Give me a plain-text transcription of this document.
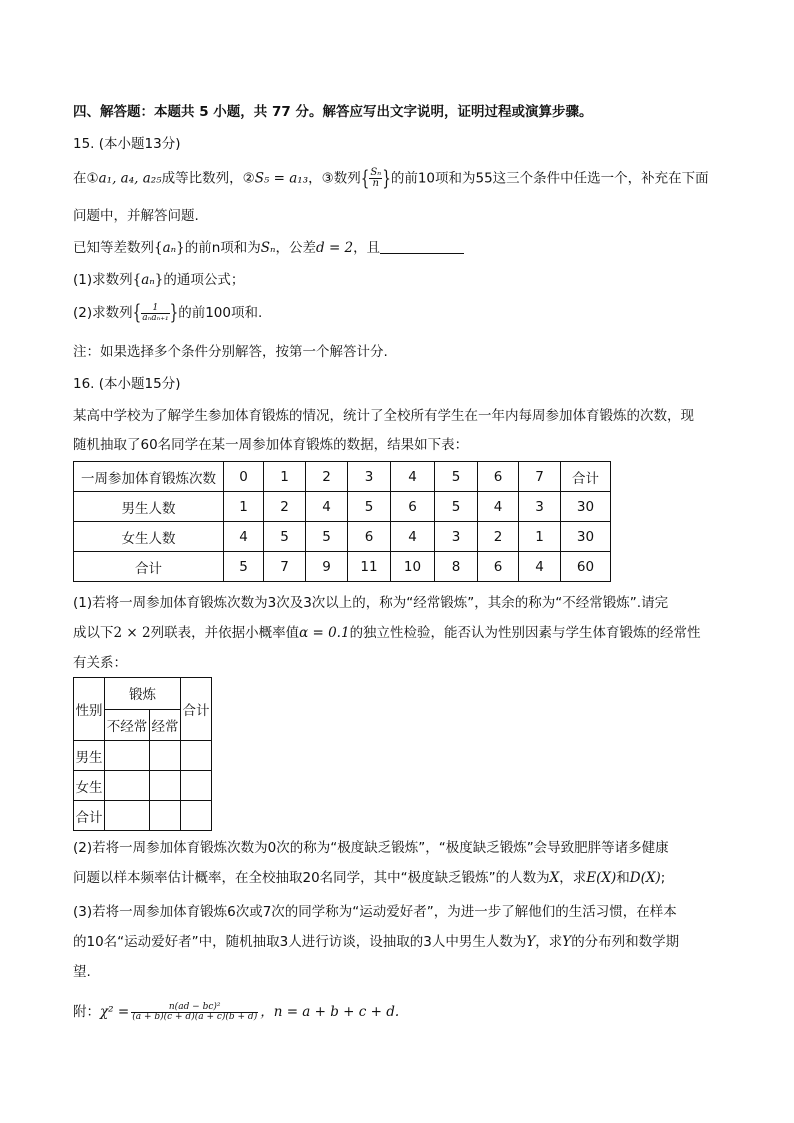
四、解答题：本题共 5 小题，共 77 分。解答应写出文字说明，证明过程或演算步骤。
15. (本小题13分)
在①a₁, a₄, a₂₅成等比数列，②S₅ = a₁₃，③数列{ $\frac{\text{Sₙ}}{n}$ }的前10项和为55这三个条件中任选一个，补充在下面
问题中，并解答问题.
已知等差数列{aₙ}的前n项和为Sₙ，公差d = 2，且
(1)求数列{aₙ}的通项公式；
(2)求数列{ $\frac{1}{\text{aₙaₙ₊₁}}$ }的前100项和.
注：如果选择多个条件分别解答，按第一个解答计分.
16. (本小题15分)
某高中学校为了解学生参加体育锻炼的情况，统计了全校所有学生在一年内每周参加体育锻炼的次数，现
随机抽取了60名同学在某一周参加体育锻炼的数据，结果如下表：
一周参加体育锻炼次数	0	1	2	3	4	5	6	7	合计
男生人数	1	2	4	5	6	5	4	3	30
女生人数	4	5	5	6	4	3	2	1	30
合计	5	7	9	11	10	8	6	4	60
(1)若将一周参加体育锻炼次数为3次及3次以上的，称为“经常锻炼”，其余的称为“不经常锻炼”.请完
成以下2 × 2列联表，并依据小概率值α = 0.1的独立性检验，能否认为性别因素与学生体育锻炼的经常性
有关系：
性别	锻炼		合计
	不经常	经常	
男生			
女生			
合计			
(2)若将一周参加体育锻炼次数为0次的称为“极度缺乏锻炼”，“极度缺乏锻炼”会导致肥胖等诸多健康
问题以样本频率估计概率，在全校抽取20名同学，其中“极度缺乏锻炼”的人数为X，求E(X)和D(X);
(3)若将一周参加体育锻炼6次或7次的同学称为“运动爱好者”，为进一步了解他们的生活习惯，在样本
的10名“运动爱好者”中，随机抽取3人进行访谈，设抽取的3人中男生人数为Y，求Y的分布列和数学期
望.
附：$\chi^2 = \frac{\text{n(ad − bc)²}}{(a + b)(c + d)(a + c)(b + d)}$ ，n = a + b + c + d.
